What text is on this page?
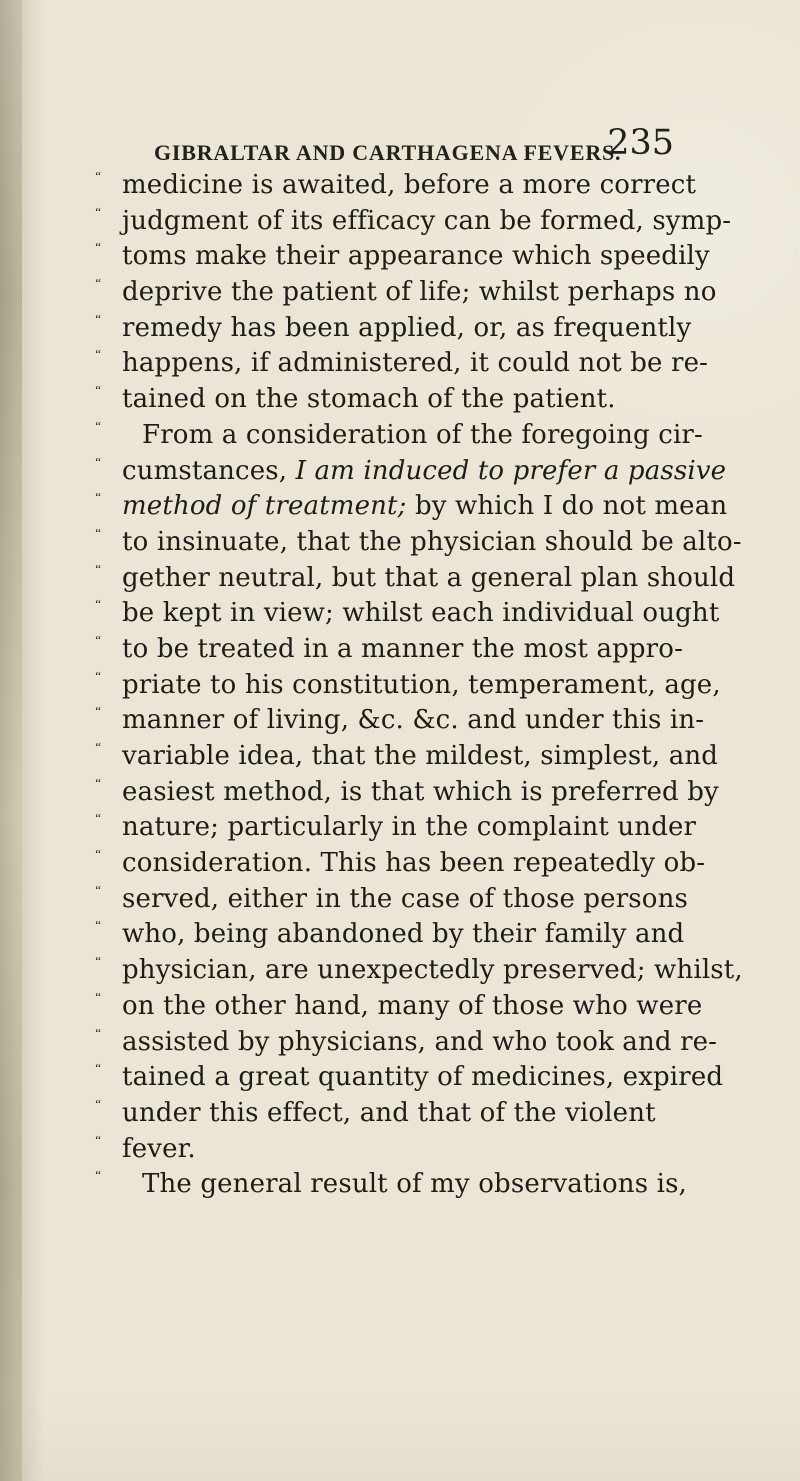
GIBRALTAR AND CARTHAGENA FEVERS.
235
“ medicine is awaited, before a more correct
“ judgment of its efficacy can be formed, symp-
“ toms make their appearance which speedily
“ deprive the patient of life; whilst perhaps no
“ remedy has been applied, or, as frequently
“ happens, if administered, it could not be re-
“ tained on the stomach of the patient.
“ From a consideration of the foregoing cir-
“ cumstances, I am induced to prefer a passive
“ method of treatment; by which I do not mean
“ to insinuate, that the physician should be alto-
“ gether neutral, but that a general plan should
“ be kept in view; whilst each individual ought
“ to be treated in a manner the most appro-
“ priate to his constitution, temperament, age,
“ manner of living, &c. &c. and under this in-
“ variable idea, that the mildest, simplest, and
“ easiest method, is that which is preferred by
“ nature; particularly in the complaint under
“ consideration. This has been repeatedly ob-
“ served, either in the case of those persons
“ who, being abandoned by their family and
“ physician, are unexpectedly preserved; whilst,
“ on the other hand, many of those who were
“ assisted by physicians, and who took and re-
“ tained a great quantity of medicines, expired
“ under this effect, and that of the violent
“ fever.
“ The general result of my observations is,
